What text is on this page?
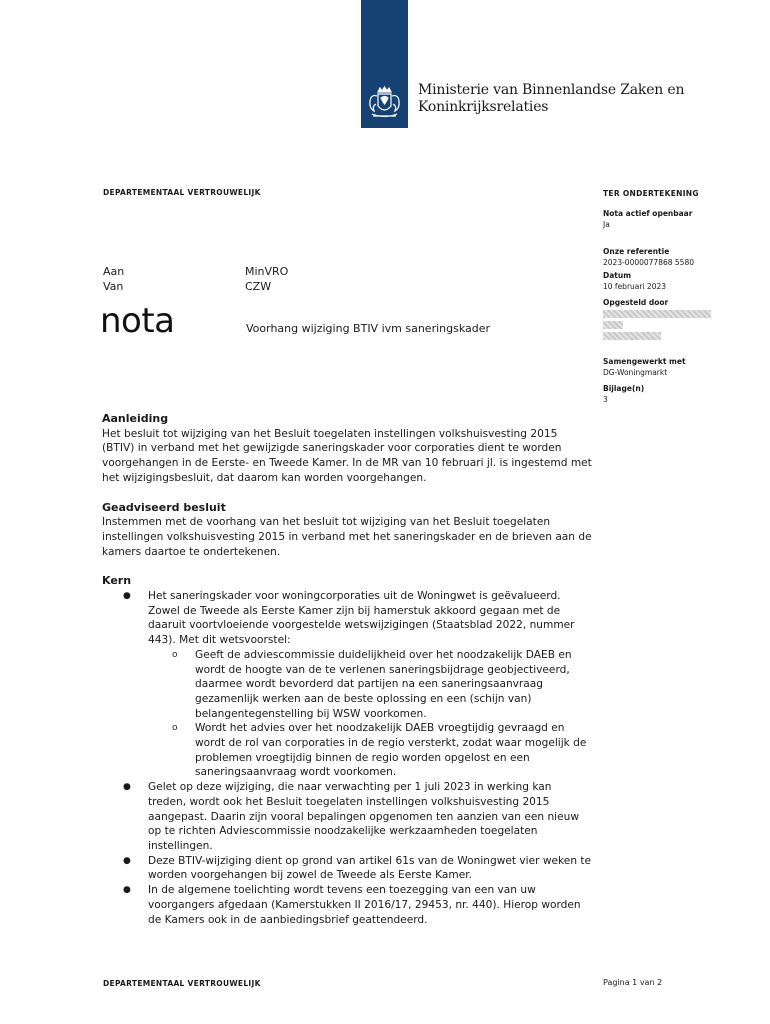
Ministerie van Binnenlandse Zaken en
Koninkrijksrelaties
DEPARTEMENTAAL VERTROUWELIJK	TER ONDERTEKENING
Nota actief openbaar
Ja
Onze referentie
2023-0000077868 5580
Datum
10 februari 2023
Opgesteld door
Samengewerkt met
DG-Woningmarkt
Bijlage(n)
3
Aan	MinVRO
Van	CZW
nota	Voorhang wijziging BTIV ivm saneringskader
Aanleiding

Het besluit tot wijziging van het Besluit toegelaten instellingen volkshuisvesting 2015 (BTIV) in verband met het gewijzigde saneringskader voor corporaties dient te worden voorgehangen in de Eerste- en Tweede Kamer. In de MR van 10 februari jl. is ingestemd met het wijzigingsbesluit, dat daarom kan worden voorgehangen.

Geadviseerd besluit

Instemmen met de voorhang van het besluit tot wijziging van het Besluit toegelaten instellingen volkshuisvesting 2015 in verband met het saneringskader en de brieven aan de kamers daartoe te ondertekenen.

Kern
● Het saneringskader voor woningcorporaties uit de Woningwet is geëvalueerd. Zowel de Tweede als Eerste Kamer zijn bij hamerstuk akkoord gegaan met de daaruit voortvloeiende voorgestelde wetswijzigingen (Staatsblad 2022, nummer 443). Met dit wetsvoorstel:
o Geeft de adviescommissie duidelijkheid over het noodzakelijk DAEB en wordt de hoogte van de te verlenen saneringsbijdrage geobjectiveerd, daarmee wordt bevorderd dat partijen na een saneringsaanvraag gezamenlijk werken aan de beste oplossing en een (schijn van) belangentegenstelling bij WSW voorkomen.
o Wordt het advies over het noodzakelijk DAEB vroegtijdig gevraagd en wordt de rol van corporaties in de regio versterkt, zodat waar mogelijk de problemen vroegtijdig binnen de regio worden opgelost en een saneringsaanvraag wordt voorkomen.
● Gelet op deze wijziging, die naar verwachting per 1 juli 2023 in werking kan treden, wordt ook het Besluit toegelaten instellingen volkshuisvesting 2015 aangepast. Daarin zijn vooral bepalingen opgenomen ten aanzien van een nieuw op te richten Adviescommissie noodzakelijke werkzaamheden toegelaten instellingen.
● Deze BTIV-wijziging dient op grond van artikel 61s van de Woningwet vier weken te worden voorgehangen bij zowel de Tweede als Eerste Kamer.
● In de algemene toelichting wordt tevens een toezegging van een van uw voorgangers afgedaan (Kamerstukken II 2016/17, 29453, nr. 440). Hierop worden de Kamers ook in de aanbiedingsbrief geattendeerd.
DEPARTEMENTAAL VERTROUWELIJK	Pagina 1 van 2
